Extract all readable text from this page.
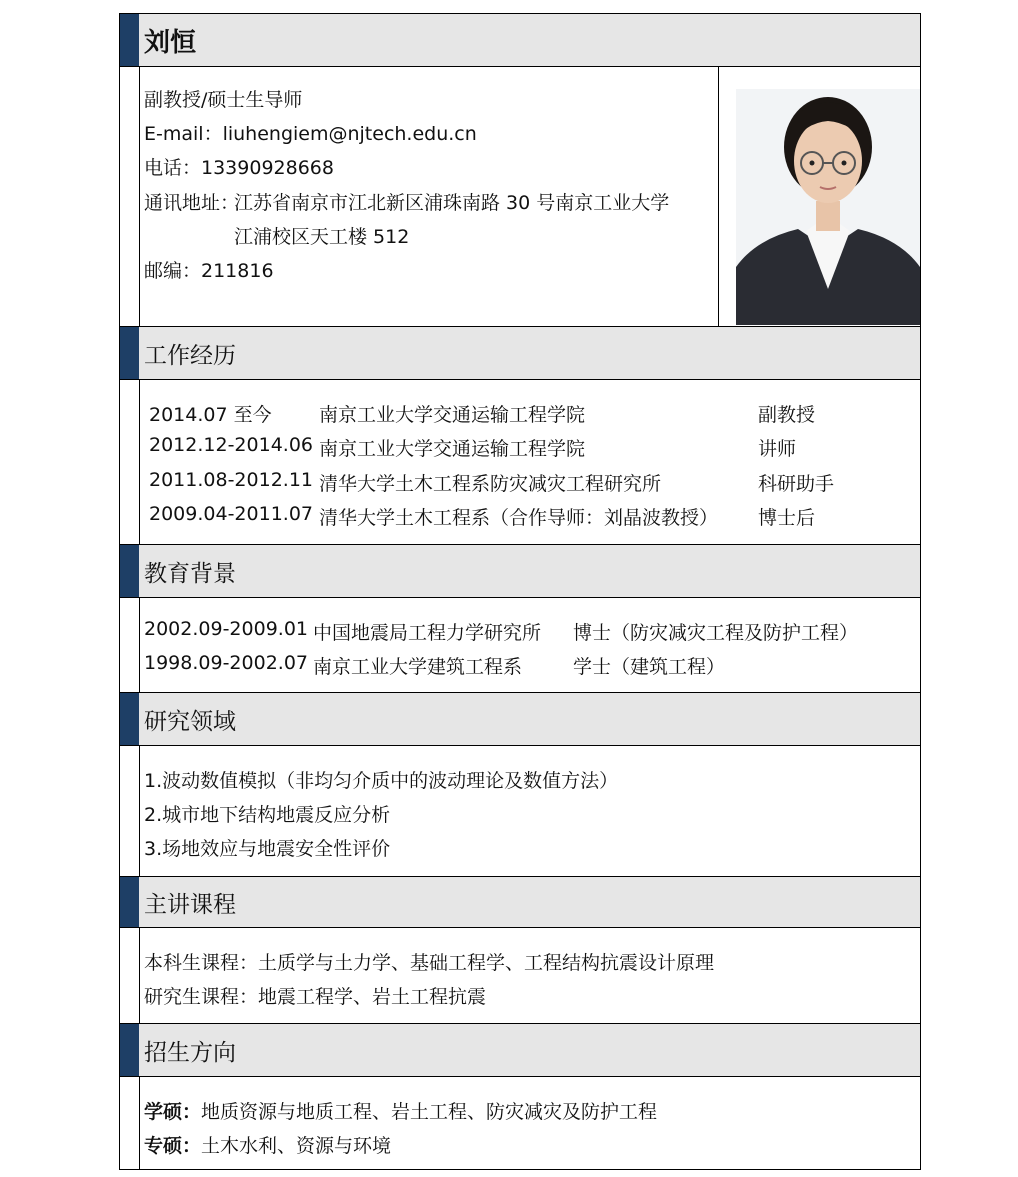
刘恒
副教授/硕士生导师
E-mail：liuhengiem@njtech.edu.cn
电话：13390928668
通讯地址：
江苏省南京市江北新区浦珠南路 30 号南京工业大学
江浦校区天工楼 512
邮编：211816
工作经历
2014.07 至今 南京工业大学交通运输工程学院	副教授
2012.12-2014.06 南京工业大学交通运输工程学院	讲师
2011.08-2012.11 清华大学土木工程系防灾减灾工程研究所	科研助手
2009.04-2011.07 清华大学土木工程系（合作导师：刘晶波教授） 博士后
教育背景
2002.09-2009.01 中国地震局工程力学研究所 博士（防灾减灾工程及防护工程）
1998.09-2002.07 南京工业大学建筑工程系	学士（建筑工程）
研究领域
1.波动数值模拟（非均匀介质中的波动理论及数值方法）
2.城市地下结构地震反应分析
3.场地效应与地震安全性评价
主讲课程
本科生课程：土质学与土力学、基础工程学、工程结构抗震设计原理
研究生课程：地震工程学、岩土工程抗震
招生方向
学硕：地质资源与地质工程、岩土工程、防灾减灾及防护工程
专硕：土木水利、资源与环境
